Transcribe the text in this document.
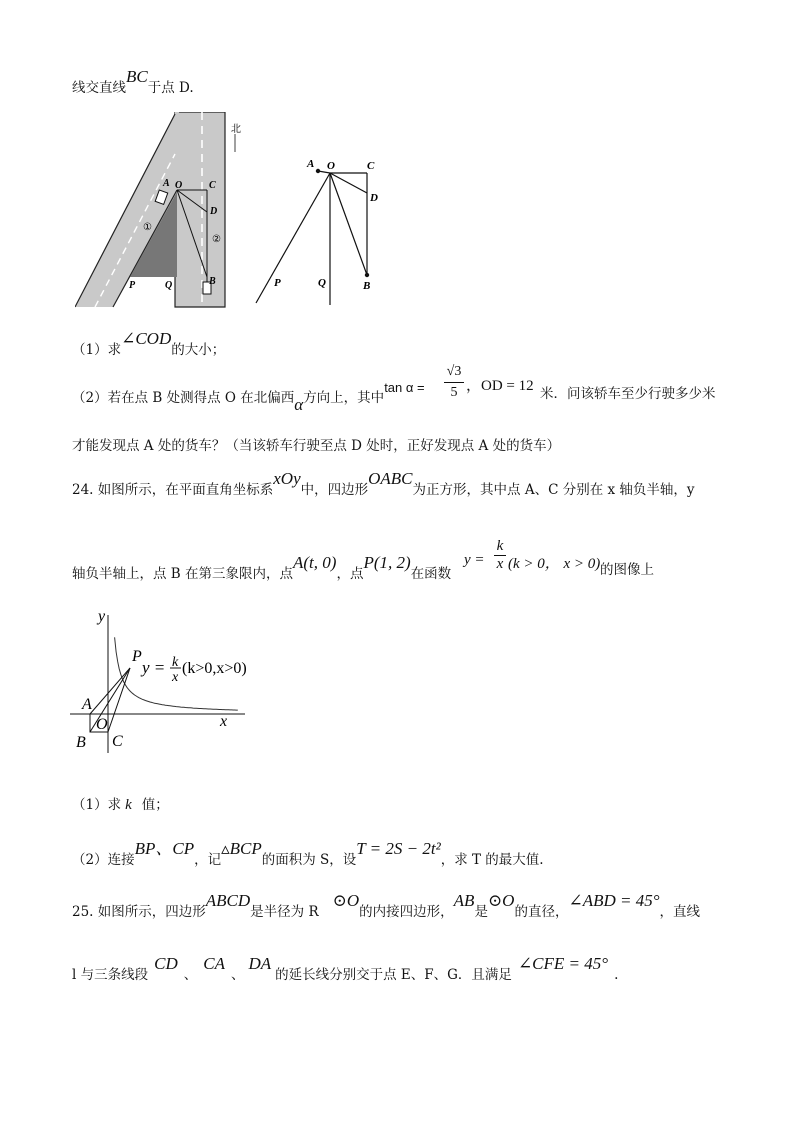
线交直线BC于点 D.
北
A O	C
D
B
P	Q
①
②
A O	C
D
B
P	Q
（1）求∠COD的大小；
（2）若在点 B 处测得点 O 在北偏西α方向上，其中$\tan \alpha = \frac{√3}{5}$ ，OD = 12 米．问该轿车至少行驶多少米
才能发现点 A 处的货车？（当该轿车行驶至点 D 处时，正好发现点 A 处的货车）
24. 如图所示，在平面直角坐标系xOy中，四边形OABC为正方形，其中点 A、C 分别在 x 轴负半轴，y
轴负半轴上，点 B 在第三象限内，点A(t, 0)，点P(1, 2)在函数
$y = \frac{k}{x} (k > 0$， x > 0) 的图像上
y
x
P
A
O
B C
y = k
x
(k>0,x>0)
（1）求 k 值；
（2）连接BP、CP，记▵BCP的面积为 S，设T = 2S − 2t²，求 T 的最大值.
25. 如图所示，四边形ABCD是半径为 R⊙O的内接四边形，AB是⊙O的直径，∠ABD = 45°，直线
l 与三条线段CD、CA、DA的延长线分别交于点 E、F、G．且满足∠CFE = 45°.
